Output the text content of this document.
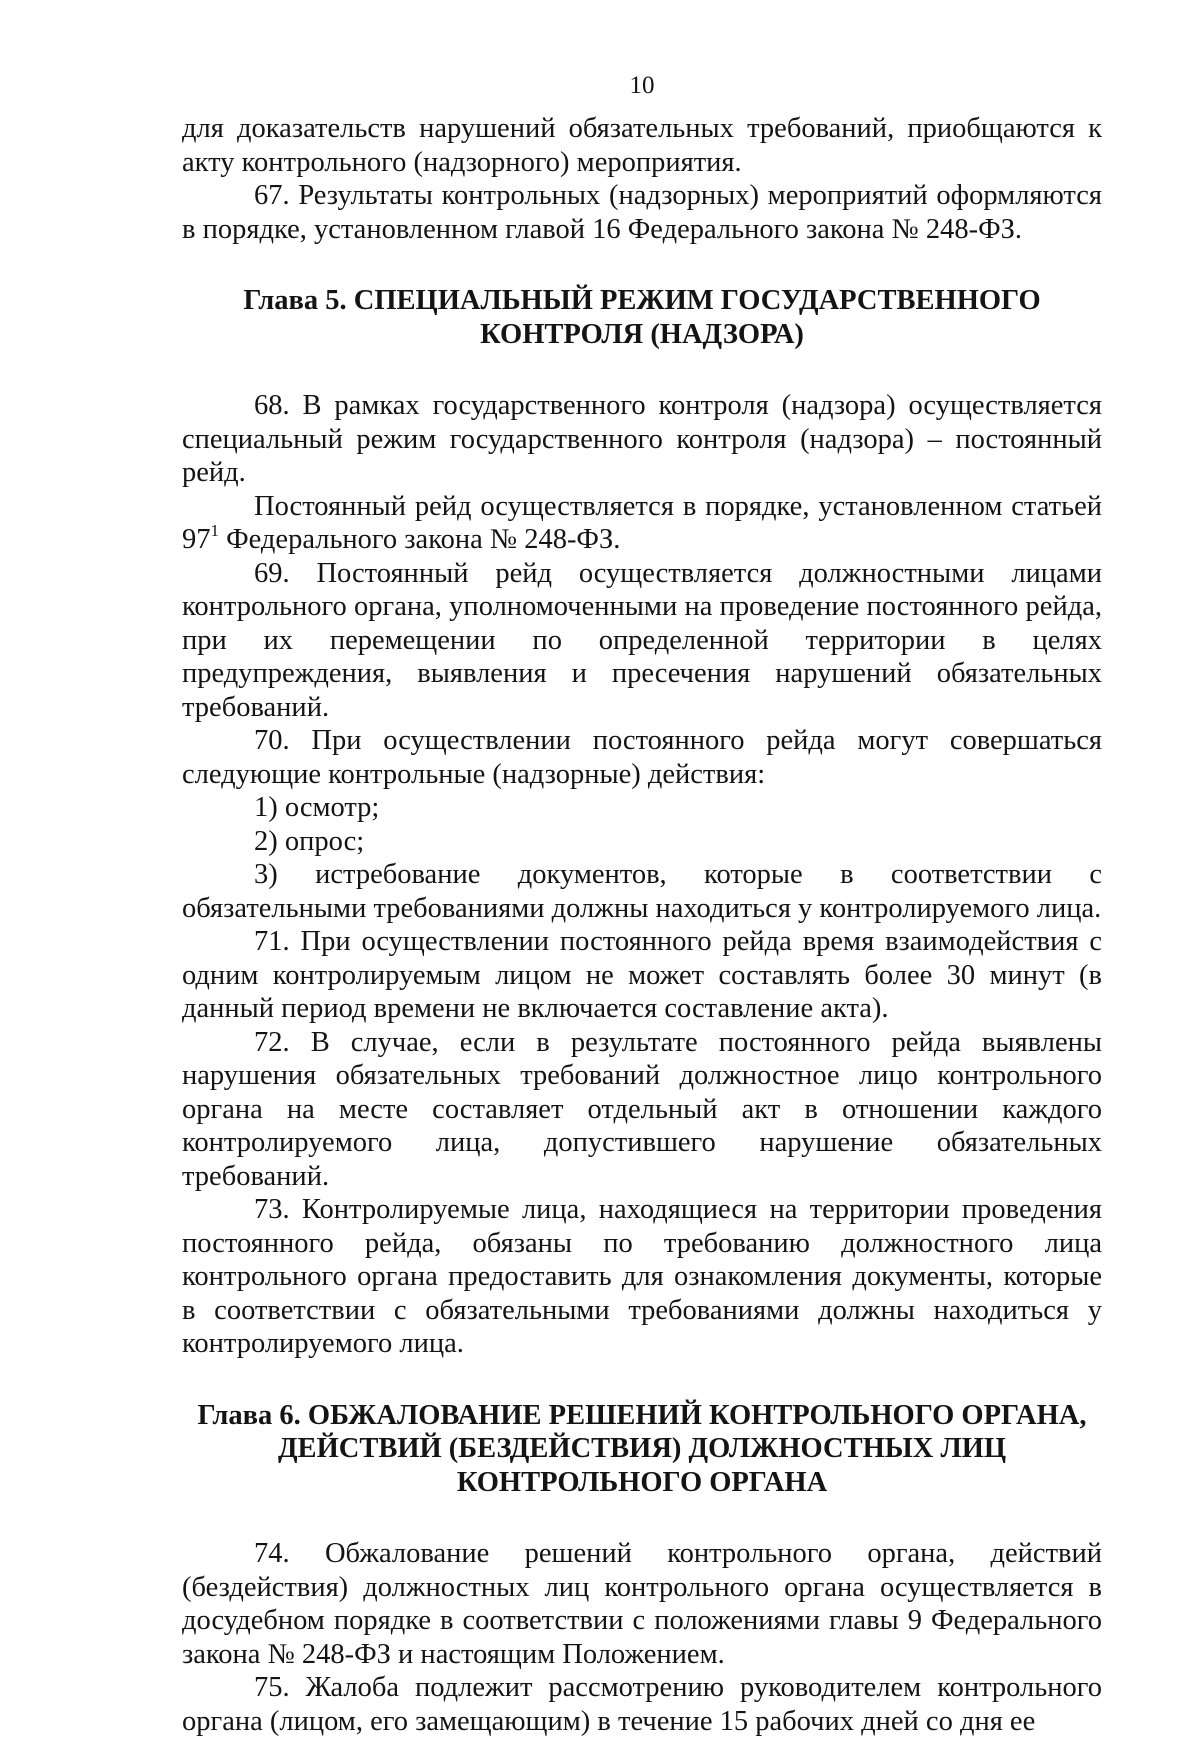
10

для доказательств нарушений обязательных требований, приобщаются к акту контрольного (надзорного) мероприятия.

67. Результаты контрольных (надзорных) мероприятий оформляются в порядке, установленном главой 16 Федерального закона № 248-ФЗ.

Глава 5. СПЕЦИАЛЬНЫЙ РЕЖИМ ГОСУДАРСТВЕННОГО
КОНТРОЛЯ (НАДЗОРА)

68. В рамках государственного контроля (надзора) осуществляется специальный режим государственного контроля (надзора) – постоянный рейд.

Постоянный рейд осуществляется в порядке, установленном статьей 97$^1$ Федерального закона № 248-ФЗ.

69. Постоянный рейд осуществляется должностными лицами контрольного органа, уполномоченными на проведение постоянного рейда, при их перемещении по определенной территории в целях предупреждения, выявления и пресечения нарушений обязательных требований.

70. При осуществлении постоянного рейда могут совершаться следующие контрольные (надзорные) действия:

1) осмотр;

2) опрос;

3) истребование документов, которые в соответствии с обязательными требованиями должны находиться у контролируемого лица.

71. При осуществлении постоянного рейда время взаимодействия с одним контролируемым лицом не может составлять более 30 минут (в данный период времени не включается составление акта).

72. В случае, если в результате постоянного рейда выявлены нарушения обязательных требований должностное лицо контрольного органа на месте составляет отдельный акт в отношении каждого контролируемого лица, допустившего нарушение обязательных требований.

73. Контролируемые лица, находящиеся на территории проведения постоянного рейда, обязаны по требованию должностного лица контрольного органа предоставить для ознакомления документы, которые в соответствии с обязательными требованиями должны находиться у контролируемого лица.

Глава 6. ОБЖАЛОВАНИЕ РЕШЕНИЙ КОНТРОЛЬНОГО ОРГАНА,
ДЕЙСТВИЙ (БЕЗДЕЙСТВИЯ) ДОЛЖНОСТНЫХ ЛИЦ
КОНТРОЛЬНОГО ОРГАНА

74. Обжалование решений контрольного органа, действий (бездействия) должностных лиц контрольного органа осуществляется в досудебном порядке в соответствии с положениями главы 9 Федерального закона № 248-ФЗ и настоящим Положением.

75. Жалоба подлежит рассмотрению руководителем контрольного органа (лицом, его замещающим) в течение 15 рабочих дней со дня ее
